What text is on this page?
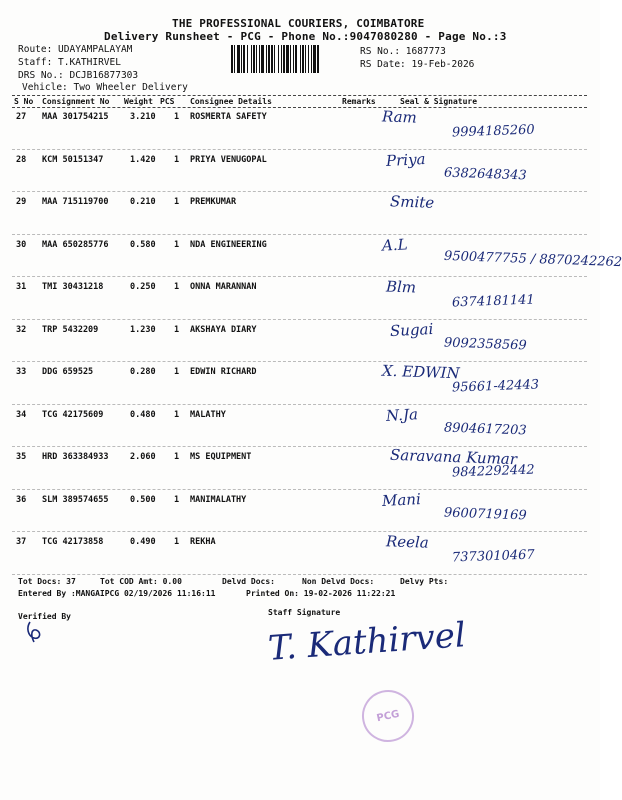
THE PROFESSIONAL COURIERS, COIMBATORE
Delivery Runsheet - PCG - Phone No.:9047080280 - Page No.:3
Route: UDAYAMPALAYAM
Staff: T.KATHIRVEL
DRS No.: DCJB16877303
Vehicle: Two Wheeler Delivery
RS No.: 1687773
RS Date: 19-Feb-2026
S No Consignment No Weight PCS Consignee Details	Remarks	Seal & Signature
27 MAA 301754215	3.210 1 ROSMERTA SAFETY	Ram
9994185260
28 KCM 50151347	1.420 1 PRIYA VENUGOPAL	Priya
6382648343
29 MAA 715119700	0.210 1 PREMKUMAR	Smite
30 MAA 650285776	0.580 1 NDA ENGINEERING	A.L
9500477755 / 8870242262
31 TMI 30431218	0.250 1 ONNA MARANNAN	Blm
6374181141
32 TRP 5432209	1.230 1 AKSHAYA DIARY	Sugai
9092358569
33 DDG 659525	0.280 1 EDWIN RICHARD	X. EDWIN
95661-42443
34 TCG 42175609	0.480 1 MALATHY	N.Ja
8904617203
35 HRD 363384933	2.060 1 MS EQUIPMENT	Saravana Kumar
9842292442
36 SLM 389574655	0.500 1 MANIMALATHY	Mani
9600719169
37 TCG 42173858	0.490 1 REKHA	Reela
7373010467
Tot Docs: 37	Tot COD Amt: 0.00	Delvd Docs:	Non Delvd Docs:	Delvy Pts:
Entered By :MANGAIPCG 02/19/2026 11:16:11	Printed On: 19-02-2026 11:22:21
Verified By	Staff Signature
T. Kathirvel
PCG
